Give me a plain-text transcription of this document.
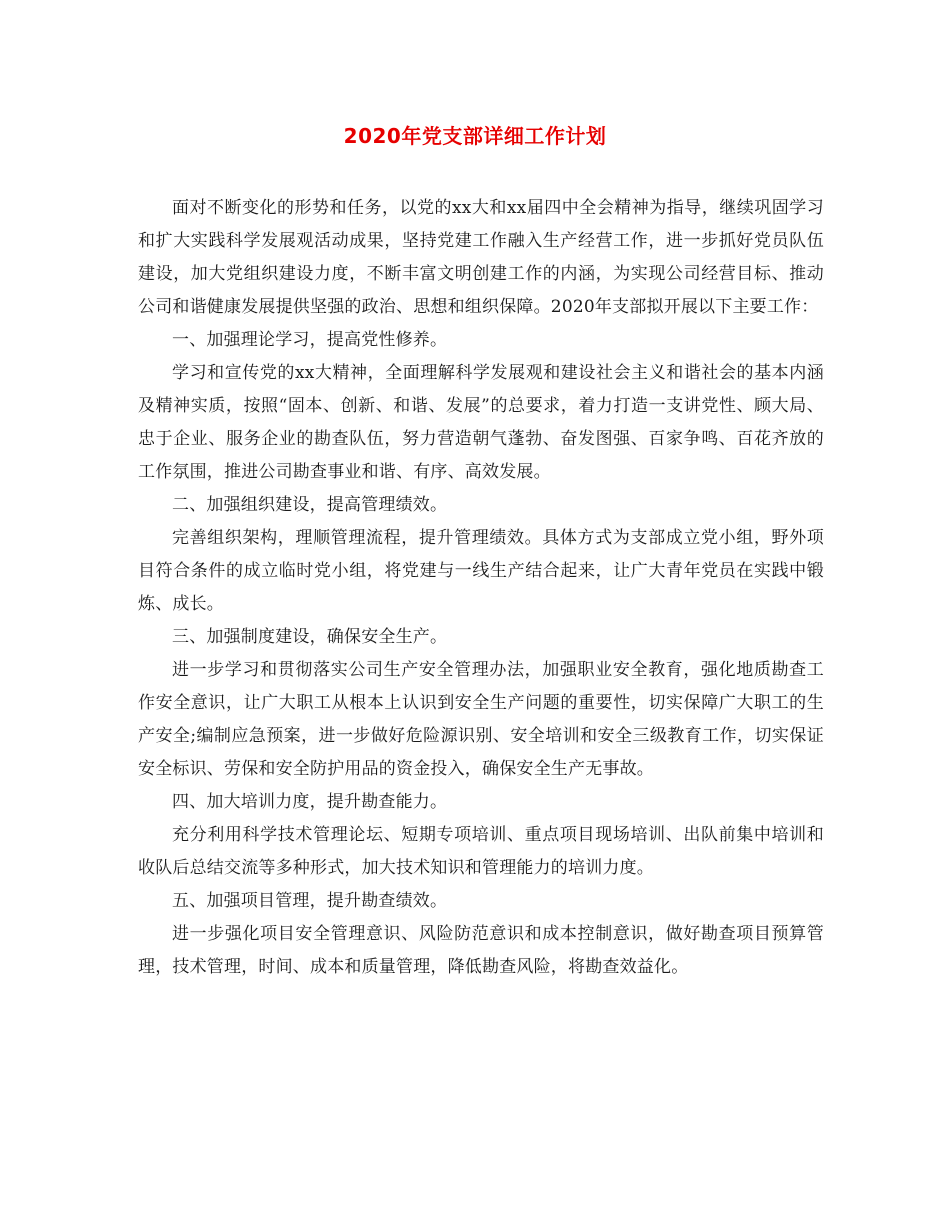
2020年党支部详细工作计划

面对不断变化的形势和任务，以党的xx大和xx届四中全会精神为指导，继续巩固学习和扩大实践科学发展观活动成果，坚持党建工作融入生产经营工作，进一步抓好党员队伍建设，加大党组织建设力度，不断丰富文明创建工作的内涵，为实现公司经营目标、推动公司和谐健康发展提供坚强的政治、思想和组织保障。2020年支部拟开展以下主要工作：

一、加强理论学习，提高党性修养。

学习和宣传党的xx大精神，全面理解科学发展观和建设社会主义和谐社会的基本内涵及精神实质，按照“固本、创新、和谐、发展”的总要求，着力打造一支讲党性、顾大局、忠于企业、服务企业的勘查队伍，努力营造朝气蓬勃、奋发图强、百家争鸣、百花齐放的工作氛围，推进公司勘查事业和谐、有序、高效发展。

二、加强组织建设，提高管理绩效。

完善组织架构，理顺管理流程，提升管理绩效。具体方式为支部成立党小组，野外项目符合条件的成立临时党小组，将党建与一线生产结合起来，让广大青年党员在实践中锻炼、成长。

三、加强制度建设，确保安全生产。

进一步学习和贯彻落实公司生产安全管理办法，加强职业安全教育，强化地质勘查工作安全意识，让广大职工从根本上认识到安全生产问题的重要性，切实保障广大职工的生产安全;编制应急预案，进一步做好危险源识别、安全培训和安全三级教育工作，切实保证安全标识、劳保和安全防护用品的资金投入，确保安全生产无事故。

四、加大培训力度，提升勘查能力。

充分利用科学技术管理论坛、短期专项培训、重点项目现场培训、出队前集中培训和收队后总结交流等多种形式，加大技术知识和管理能力的培训力度。

五、加强项目管理，提升勘查绩效。

进一步强化项目安全管理意识、风险防范意识和成本控制意识，做好勘查项目预算管理，技术管理，时间、成本和质量管理，降低勘查风险，将勘查效益化。
